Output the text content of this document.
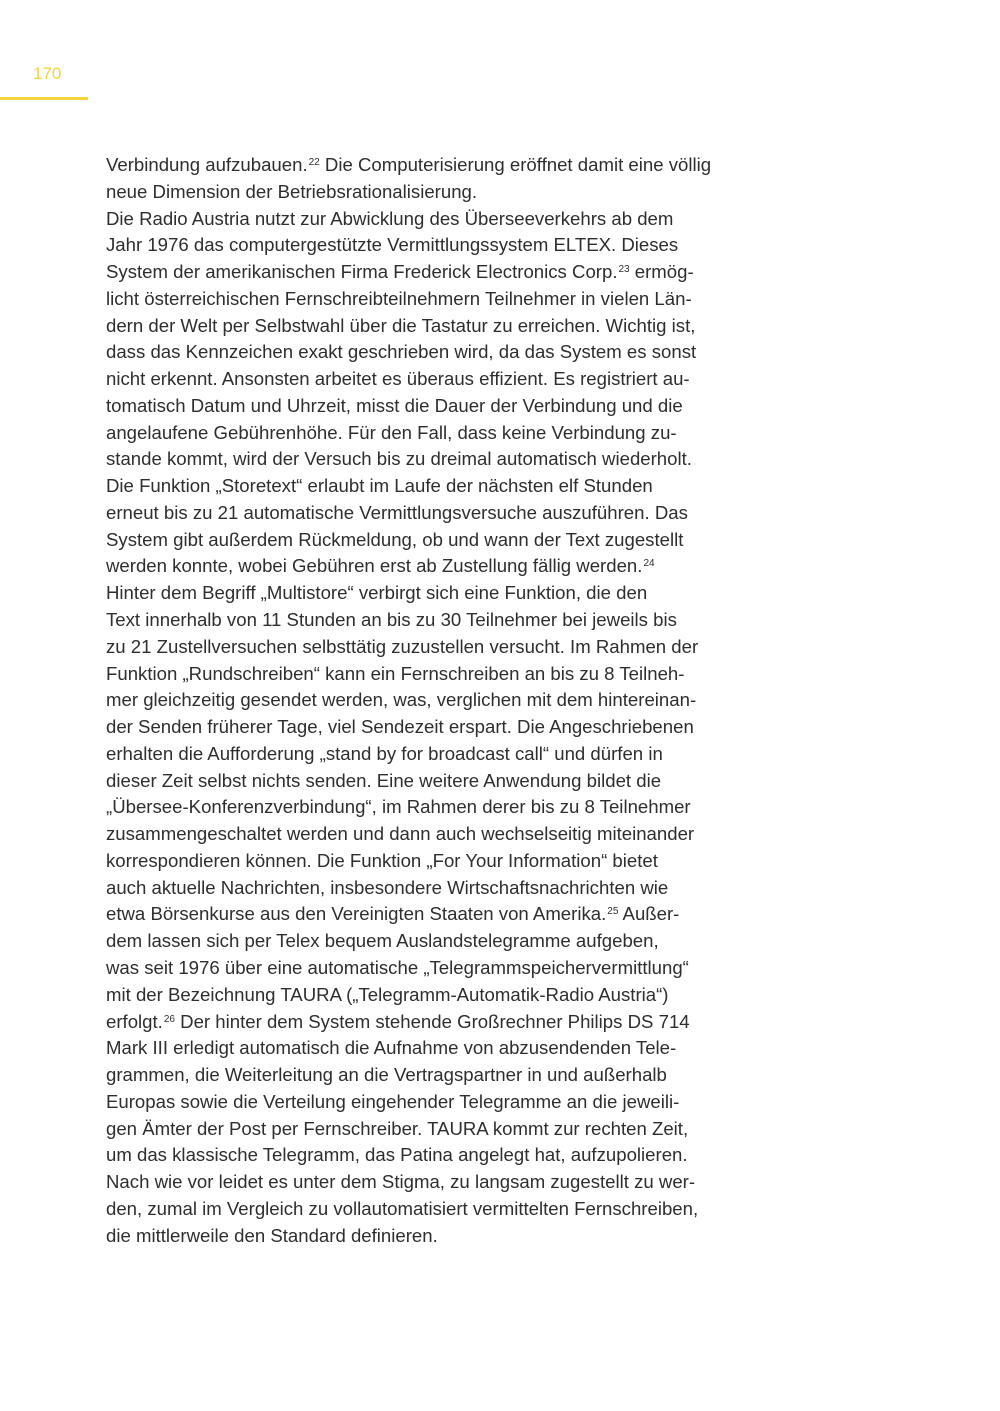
170
Verbindung aufzubauen.$^{22}$ Die Computerisierung eröffnet damit eine völlig
neue Dimension der Betriebsrationalisierung.
Die Radio Austria nutzt zur Abwicklung des Überseeverkehrs ab dem
Jahr 1976 das computergestützte Vermittlungssystem ELTEX. Dieses
System der amerikanischen Firma Frederick Electronics Corp.$^{23}$ ermög-
licht österreichischen Fernschreibteilnehmern Teilnehmer in vielen Län-
dern der Welt per Selbstwahl über die Tastatur zu erreichen. Wichtig ist,
dass das Kennzeichen exakt geschrieben wird, da das System es sonst
nicht erkennt. Ansonsten arbeitet es überaus effizient. Es registriert au-
tomatisch Datum und Uhrzeit, misst die Dauer der Verbindung und die
angelaufene Gebührenhöhe. Für den Fall, dass keine Verbindung zu-
stande kommt, wird der Versuch bis zu dreimal automatisch wiederholt.
Die Funktion „Storetext“ erlaubt im Laufe der nächsten elf Stunden
erneut bis zu 21 automatische Vermittlungsversuche auszuführen. Das
System gibt außerdem Rückmeldung, ob und wann der Text zugestellt
werden konnte, wobei Gebühren erst ab Zustellung fällig werden.$^{24}$
Hinter dem Begriff „Multistore“ verbirgt sich eine Funktion, die den
Text innerhalb von 11 Stunden an bis zu 30 Teilnehmer bei jeweils bis
zu 21 Zustellversuchen selbsttätig zuzustellen versucht. Im Rahmen der
Funktion „Rundschreiben“ kann ein Fernschreiben an bis zu 8 Teilneh-
mer gleichzeitig gesendet werden, was, verglichen mit dem hintereinan-
der Senden früherer Tage, viel Sendezeit erspart. Die Angeschriebenen
erhalten die Aufforderung „stand by for broadcast call“ und dürfen in
dieser Zeit selbst nichts senden. Eine weitere Anwendung bildet die
„Übersee-Konferenzverbindung“, im Rahmen derer bis zu 8 Teilnehmer
zusammengeschaltet werden und dann auch wechselseitig miteinander
korrespondieren können. Die Funktion „For Your Information“ bietet
auch aktuelle Nachrichten, insbesondere Wirtschaftsnachrichten wie
etwa Börsenkurse aus den Vereinigten Staaten von Amerika.$^{25}$ Außer-
dem lassen sich per Telex bequem Auslandstelegramme aufgeben,
was seit 1976 über eine automatische „Telegrammspeichervermittlung“
mit der Bezeichnung TAURA („Telegramm-Automatik-Radio Austria“)
erfolgt.$^{26}$ Der hinter dem System stehende Großrechner Philips DS 714
Mark III erledigt automatisch die Aufnahme von abzusendenden Tele-
grammen, die Weiterleitung an die Vertragspartner in und außerhalb
Europas sowie die Verteilung eingehender Telegramme an die jeweili-
gen Ämter der Post per Fernschreiber. TAURA kommt zur rechten Zeit,
um das klassische Telegramm, das Patina angelegt hat, aufzupolieren.
Nach wie vor leidet es unter dem Stigma, zu langsam zugestellt zu wer-
den, zumal im Vergleich zu vollautomatisiert vermittelten Fernschreiben,
die mittlerweile den Standard definieren.
